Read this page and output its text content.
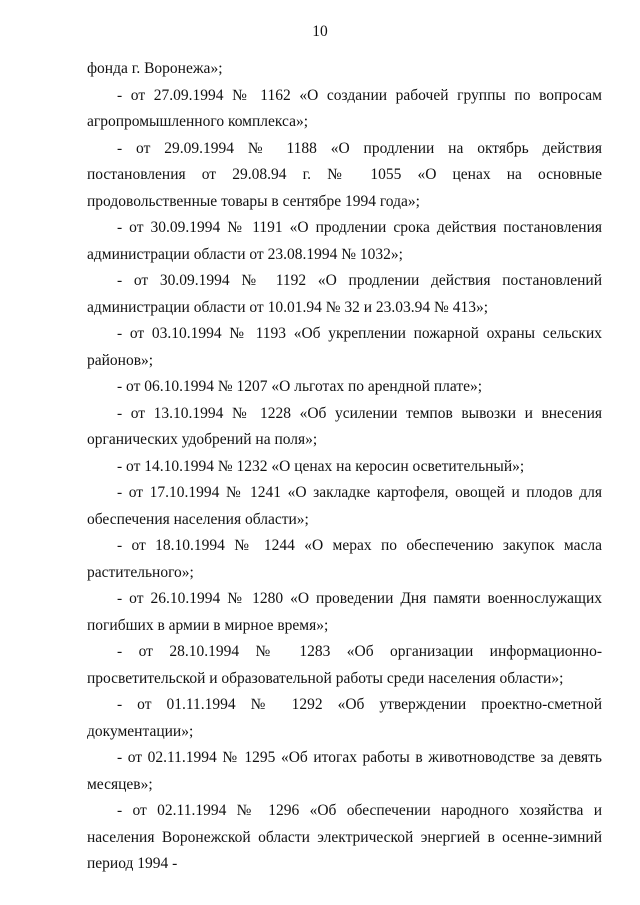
10

фонда г. Воронежа»;

- от 27.09.1994 № 1162 «О создании рабочей группы по вопросам агропромышленного комплекса»;

- от 29.09.1994 № 1188 «О продлении на октябрь действия постановления от 29.08.94 г. № 1055 «О ценах на основные продовольственные товары в сентябре 1994 года»;

- от 30.09.1994 № 1191 «О продлении срока действия постановления администрации области от 23.08.1994 № 1032»;

- от 30.09.1994 № 1192 «О продлении действия постановлений администрации области от 10.01.94 № 32 и 23.03.94 № 413»;

- от 03.10.1994 № 1193 «Об укреплении пожарной охраны сельских районов»;

- от 06.10.1994 № 1207 «О льготах по арендной плате»;

- от 13.10.1994 № 1228 «Об усилении темпов вывозки и внесения органических удобрений на поля»;

- от 14.10.1994 № 1232 «О ценах на керосин осветительный»;

- от 17.10.1994 № 1241 «О закладке картофеля, овощей и плодов для обеспечения населения области»;

- от 18.10.1994 № 1244 «О мерах по обеспечению закупок масла растительного»;

- от 26.10.1994 № 1280 «О проведении Дня памяти военнослужащих погибших в армии в мирное время»;

- от 28.10.1994 № 1283 «Об организации информационно-просветительской и образовательной работы среди населения области»;

- от 01.11.1994 № 1292 «Об утверждении проектно-сметной документации»;

- от 02.11.1994 № 1295 «Об итогах работы в животноводстве за девять месяцев»;

- от 02.11.1994 № 1296 «Об обеспечении народного хозяйства и населения Воронежской области электрической энергией в осенне-зимний период 1994 -
